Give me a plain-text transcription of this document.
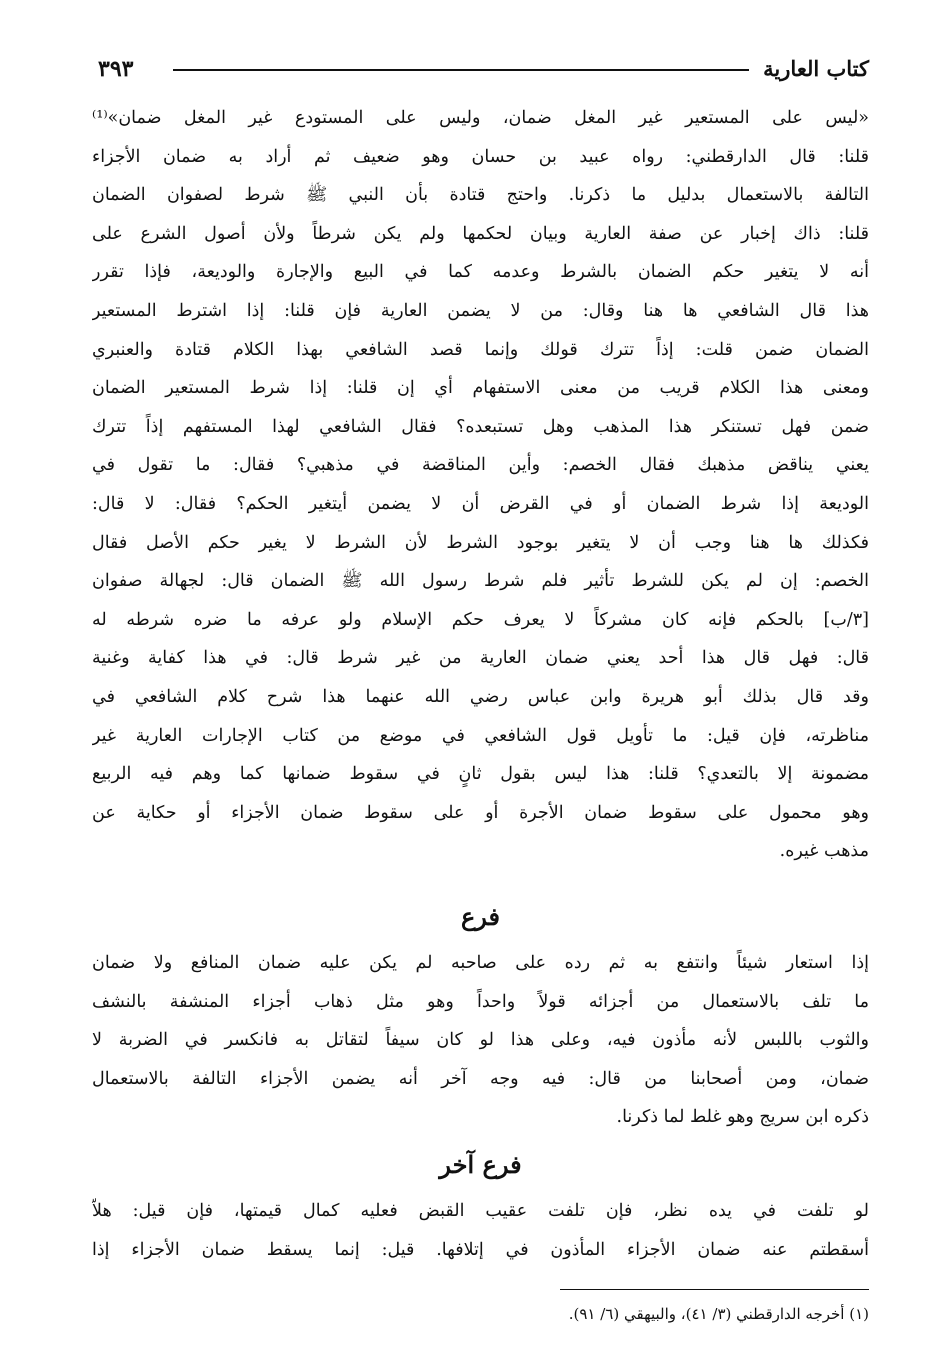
كتاب العارية
٣٩٣
«ليس على المستعير غير المغل ضمان، وليس على المستودع غير المغل ضمان»⁽¹⁾
قلنا: قال الدارقطني: رواه عبيد بن حسان وهو ضعيف ثم أراد به ضمان الأجزاء
التالفة بالاستعمال بدليل ما ذكرنا. واحتج قتادة بأن النبي ﷺ شرط لصفوان الضمان
قلنا: ذاك إخبار عن صفة العارية وبيان لحكمها ولم يكن شرطاً ولأن أصول الشرع على
أنه لا يتغير حكم الضمان بالشرط وعدمه كما في البيع والإجارة والوديعة، فإذا تقرر
هذا قال الشافعي ها هنا وقال: من لا يضمن العارية فإن قلنا: إذا اشترط المستعير
الضمان ضمن قلت: إذاً تترك قولك وإنما قصد الشافعي بهذا الكلام قتادة والعنبري
ومعنى هذا الكلام قريب من معنى الاستفهام أي إن قلنا: إذا شرط المستعير الضمان
ضمن فهل تستنكر هذا المذهب وهل تستبعده؟ فقال الشافعي لهذا المستفهم إذاً تترك
يعني يناقض مذهبك فقال الخصم: وأين المناقضة في مذهبي؟ فقال: ما تقول في
الوديعة إذا شرط الضمان أو في القرض أن لا يضمن أيتغير الحكم؟ فقال: لا قال:
فكذلك ها هنا وجب أن لا يتغير بوجود الشرط لأن الشرط لا يغير حكم الأصل فقال
الخصم: إن لم يكن للشرط تأثير فلم شرط رسول الله ﷺ الضمان قال: لجهالة صفوان
[٣/ب] بالحكم فإنه كان مشركاً لا يعرف حكم الإسلام ولو عرفه ما ضره شرطه له
قال: فهل قال هذا أحد يعني ضمان العارية من غير شرط قال: في هذا كفاية وغنية
وقد قال بذلك أبو هريرة وابن عباس رضي الله عنهما هذا شرح كلام الشافعي في
مناظرته، فإن قيل: ما تأويل قول الشافعي في موضع من كتاب الإجارات العارية غير
مضمونة إلا بالتعدي؟ قلنا: هذا ليس بقول ثانٍ في سقوط ضمانها كما وهم فيه الربيع
وهو محمول على سقوط ضمان الأجرة أو على سقوط ضمان الأجزاء أو حكاية عن
مذهب غيره.
فرع
إذا استعار شيئاً وانتفع به ثم رده على صاحبه لم يكن عليه ضمان المنافع ولا ضمان
ما تلف بالاستعمال من أجزائه قولاً واحداً وهو مثل ذهاب أجزاء المنشفة بالنشف
والثوب باللبس لأنه مأذون فيه، وعلى هذا لو كان سيفاً لتقاتل به فانكسر في الضربة لا
ضمان، ومن أصحابنا من قال: فيه وجه آخر أنه يضمن الأجزاء التالفة بالاستعمال
ذكره ابن سريج وهو غلط لما ذكرنا.
فرع آخر
لو تلفت في يده نظر، فإن تلفت عقيب القبض فعليه كمال قيمتها، فإن قيل: هلاّ
أسقطتم عنه ضمان الأجزاء المأذون في إتلافها. قيل: إنما يسقط ضمان الأجزاء إذا
(١) أخرجه الدارقطني (٣/ ٤١)، والبيهقي (٦/ ٩١).
